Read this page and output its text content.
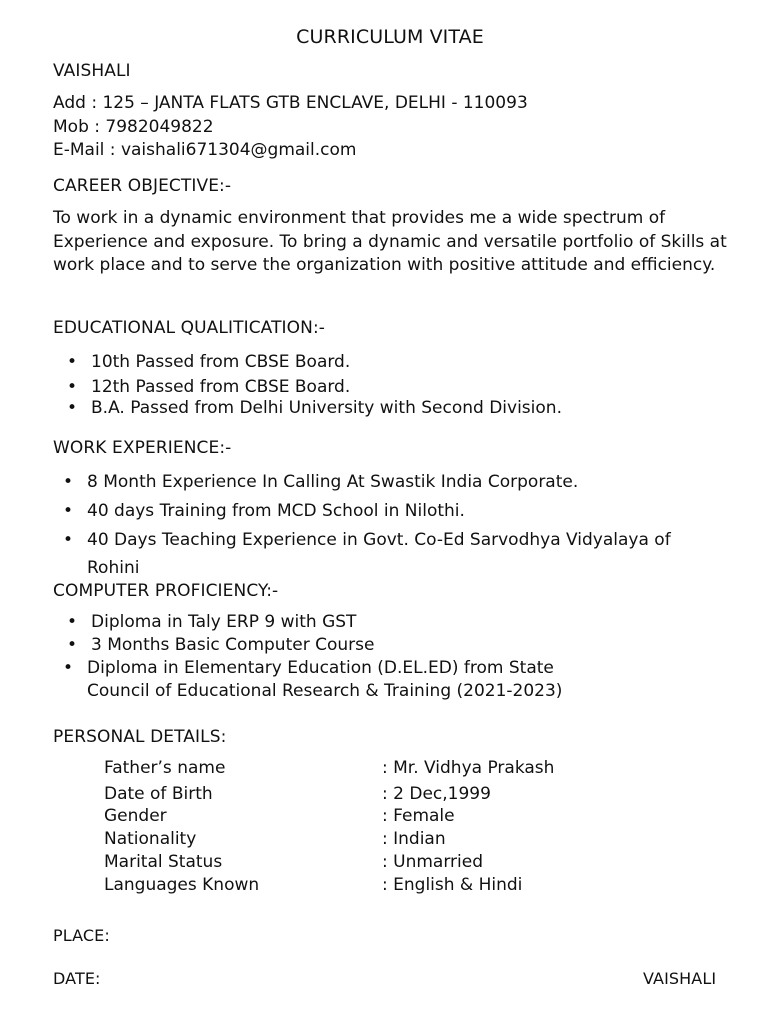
CURRICULUM VITAE
VAISHALI
Add : 125 – JANTA FLATS GTB ENCLAVE, DELHI - 110093
Mob : 7982049822
E-Mail : vaishali671304@gmail.com
CAREER OBJECTIVE:-
To work in a dynamic environment that provides me a wide spectrum of Experience and exposure. To bring a dynamic and versatile portfolio of Skills at work place and to serve the organization with positive attitude and efficiency.
EDUCATIONAL QUALITICATION:-
• 10th Passed from CBSE Board.
• 12th Passed from CBSE Board.
• B.A. Passed from Delhi University with Second Division.
WORK EXPERIENCE:-
• 8 Month Experience In Calling At Swastik India Corporate.
• 40 days Training from MCD School in Nilothi.
• 40 Days Teaching Experience in Govt. Co-Ed Sarvodhya Vidyalaya of
Rohini
COMPUTER PROFICIENCY:-
• Diploma in Taly ERP 9 with GST
• 3 Months Basic Computer Course
• Diploma in Elementary Education (D.EL.ED) from State
Council of Educational Research & Training (2021-2023)
PERSONAL DETAILS:
Father’s name	: Mr. Vidhya Prakash
Date of Birth	: 2 Dec,1999
Gender	: Female
Nationality	: Indian
Marital Status	: Unmarried
Languages Known	: English & Hindi
PLACE:
DATE:	VAISHALI
